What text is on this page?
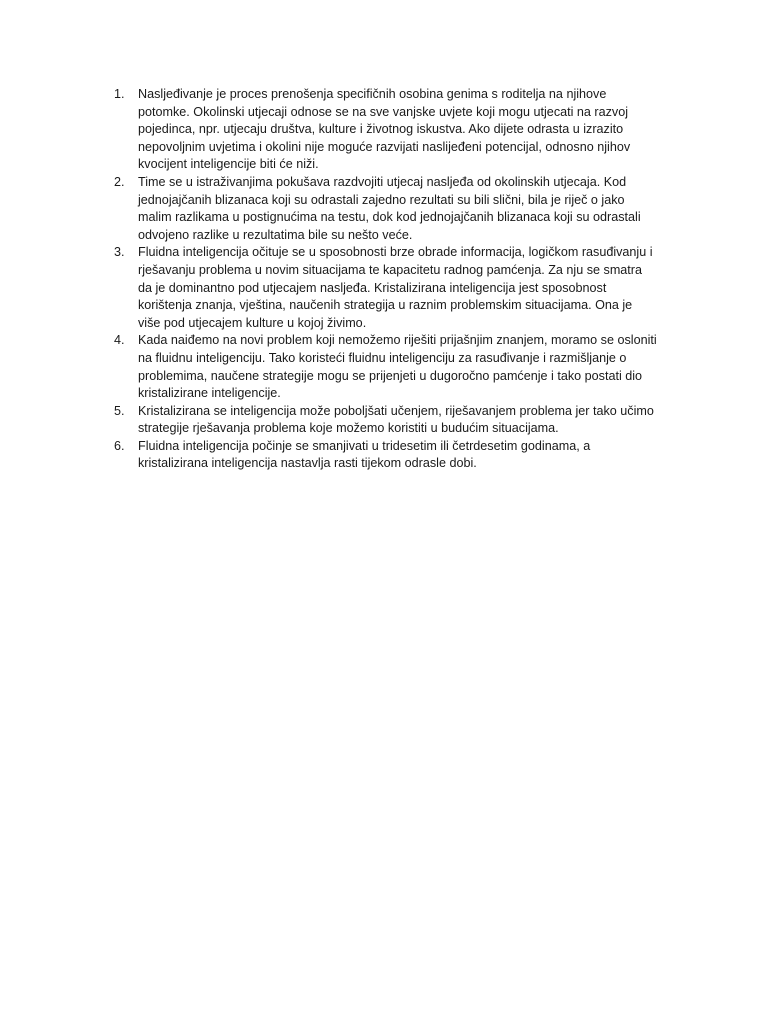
1. Nasljeđivanje je proces prenošenja specifičnih osobina genima s roditelja na njihove potomke. Okolinski utjecaji odnose se na sve vanjske uvjete koji mogu utjecati na razvoj pojedinca, npr. utjecaju društva, kulture i životnog iskustva. Ako dijete odrasta u izrazito nepovoljnim uvjetima i okolini nije moguće razvijati naslijeđeni potencijal, odnosno njihov kvocijent inteligencije biti će niži.
2. Time se u istraživanjima pokušava razdvojiti utjecaj nasljeđa od okolinskih utjecaja. Kod jednojajčanih blizanaca koji su odrastali zajedno rezultati su bili slični, bila je riječ o jako malim razlikama u postignućima na testu, dok kod jednojajčanih blizanaca koji su odrastali odvojeno razlike u rezultatima bile su nešto veće.
3. Fluidna inteligencija očituje se u sposobnosti brze obrade informacija, logičkom rasuđivanju i rješavanju problema u novim situacijama te kapacitetu radnog pamćenja. Za nju se smatra da je dominantno pod utjecajem nasljeđa. Kristalizirana inteligencija jest sposobnost korištenja znanja, vještina, naučenih strategija u raznim problemskim situacijama. Ona je više pod utjecajem kulture u kojoj živimo.
4. Kada naiđemo na novi problem koji nemožemo riješiti prijašnjim znanjem, moramo se osloniti na fluidnu inteligenciju. Tako koristeći fluidnu inteligenciju za rasuđivanje i razmišljanje o problemima, naučene strategije mogu se prijenjeti u dugoročno pamćenje i tako postati dio kristalizirane inteligencije.
5. Kristalizirana se inteligencija može poboljšati učenjem, riješavanjem problema jer tako učimo strategije rješavanja problema koje možemo koristiti u budućim situacijama.
6. Fluidna inteligencija počinje se smanjivati u tridesetim ili četrdesetim godinama, a kristalizirana inteligencija nastavlja rasti tijekom odrasle dobi.
